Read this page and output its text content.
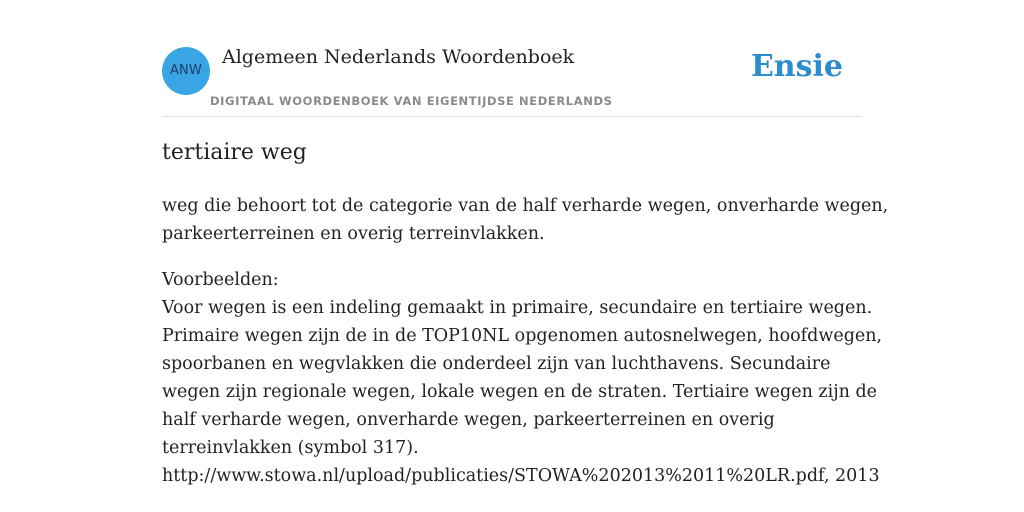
ANW
Algemeen Nederlands Woordenboek
DIGITAAL WOORDENBOEK VAN EIGENTIJDSE NEDERLANDS
Ensie
tertiaire weg
weg die behoort tot de categorie van de half verharde wegen, onverharde wegen,
parkeerterreinen en overig terreinvlakken.
Voorbeelden:
Voor wegen is een indeling gemaakt in primaire, secundaire en tertiaire wegen.
Primaire wegen zijn de in de TOP10NL opgenomen autosnelwegen, hoofdwegen,
spoorbanen en wegvlakken die onderdeel zijn van luchthavens. Secundaire
wegen zijn regionale wegen, lokale wegen en de straten. Tertiaire wegen zijn de
half verharde wegen, onverharde wegen, parkeerterreinen en overig
terreinvlakken (symbol 317).
http://www.stowa.nl/upload/publicaties/STOWA%202013%2011%20LR.pdf, 2013
